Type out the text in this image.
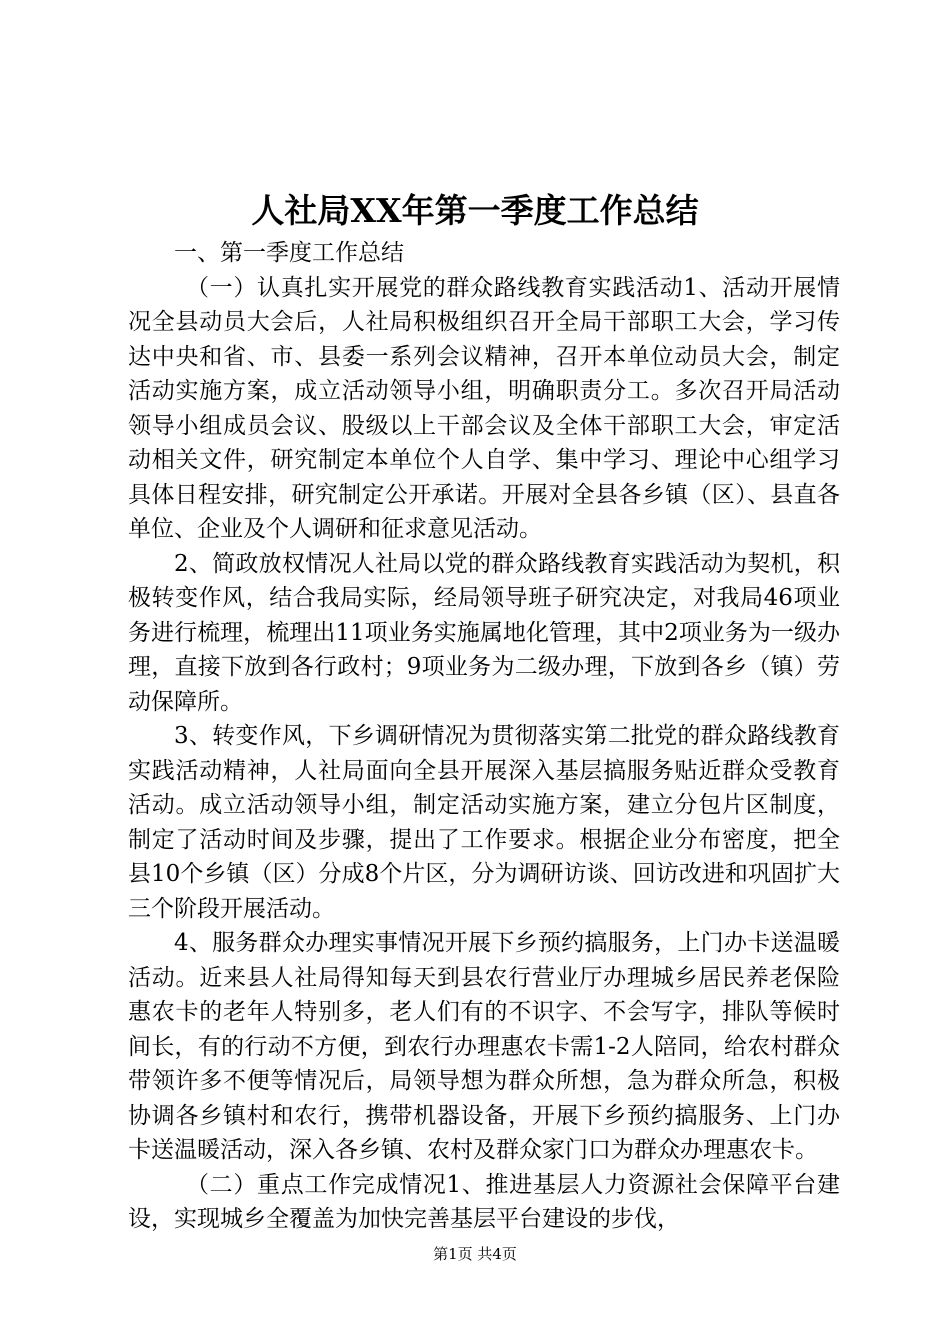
人社局XX年第一季度工作总结

一、第一季度工作总结

（一）认真扎实开展党的群众路线教育实践活动1、活动开展情况全县动员大会后，人社局积极组织召开全局干部职工大会，学习传达中央和省、市、县委一系列会议精神，召开本单位动员大会，制定活动实施方案，成立活动领导小组，明确职责分工。多次召开局活动领导小组成员会议、股级以上干部会议及全体干部职工大会，审定活动相关文件，研究制定本单位个人自学、集中学习、理论中心组学习具体日程安排，研究制定公开承诺。开展对全县各乡镇（区）、县直各单位、企业及个人调研和征求意见活动。

2、简政放权情况人社局以党的群众路线教育实践活动为契机，积极转变作风，结合我局实际，经局领导班子研究决定，对我局46项业务进行梳理，梳理出11项业务实施属地化管理，其中2项业务为一级办理，直接下放到各行政村；9项业务为二级办理，下放到各乡（镇）劳动保障所。

3、转变作风，下乡调研情况为贯彻落实第二批党的群众路线教育实践活动精神，人社局面向全县开展深入基层搞服务贴近群众受教育活动。成立活动领导小组，制定活动实施方案，建立分包片区制度，制定了活动时间及步骤，提出了工作要求。根据企业分布密度，把全县10个乡镇（区）分成8个片区，分为调研访谈、回访改进和巩固扩大三个阶段开展活动。

4、服务群众办理实事情况开展下乡预约搞服务，上门办卡送温暖活动。近来县人社局得知每天到县农行营业厅办理城乡居民养老保险惠农卡的老年人特别多，老人们有的不识字、不会写字，排队等候时间长，有的行动不方便，到农行办理惠农卡需1-2人陪同，给农村群众带领许多不便等情况后，局领导想为群众所想，急为群众所急，积极协调各乡镇村和农行，携带机器设备，开展下乡预约搞服务、上门办卡送温暖活动，深入各乡镇、农村及群众家门口为群众办理惠农卡。

（二）重点工作完成情况1、推进基层人力资源社会保障平台建设，实现城乡全覆盖为加快完善基层平台建设的步伐，

第1页 共4页
